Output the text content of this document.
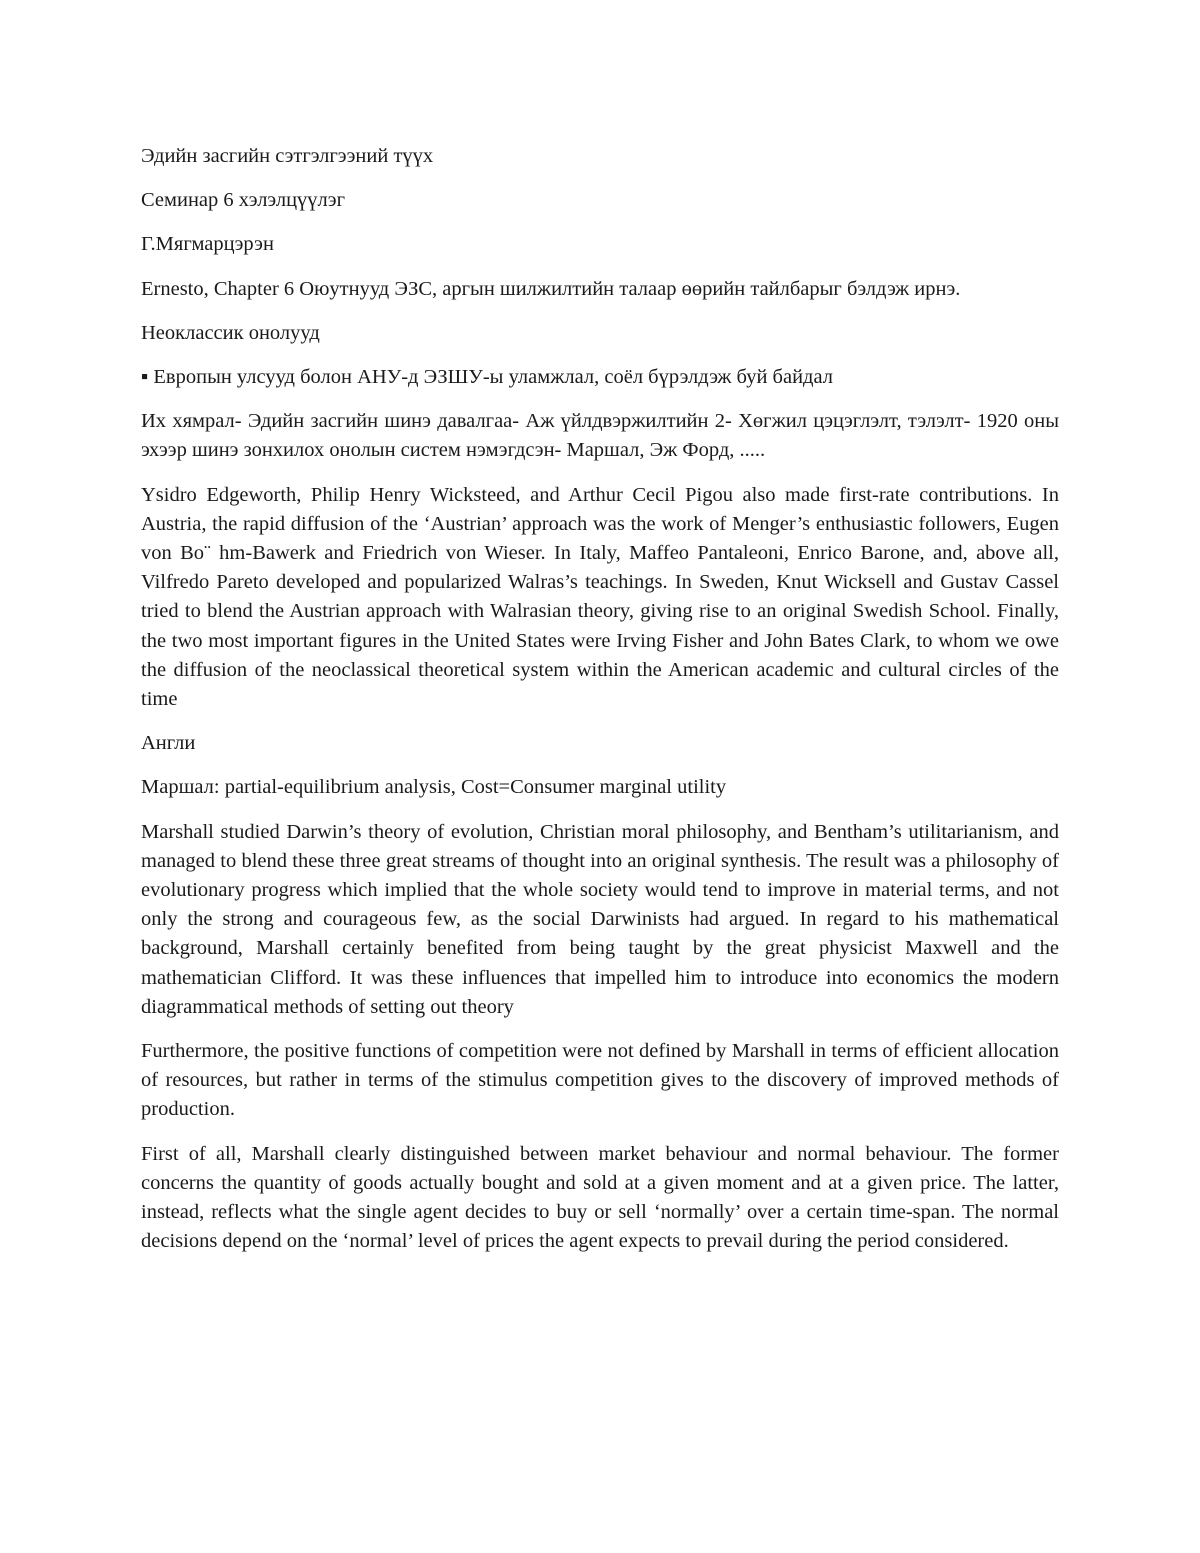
Эдийн засгийн сэтгэлгээний түүх

Семинар 6 хэлэлцүүлэг

Г.Мягмарцэрэн

Ernesto, Chapter 6 Оюутнууд ЭЗС, аргын шилжилтийн талаар өөрийн тайлбарыг бэлдэж ирнэ.

Неоклассик онолууд

▪ Европын улсууд болон АНУ-д ЭЗШУ-ы уламжлал, соёл бүрэлдэж буй байдал

Их хямрал- Эдийн засгийн шинэ давалгаа- Аж үйлдвэржилтийн 2- Хөгжил цэцэглэлт, тэлэлт- 1920 оны эхээр шинэ зонхилох онолын систем нэмэгдсэн- Маршал, Эж Форд, .....

Ysidro Edgeworth, Philip Henry Wicksteed, and Arthur Cecil Pigou also made first-rate contributions. In Austria, the rapid diffusion of the ‘Austrian’ approach was the work of Menger’s enthusiastic followers, Eugen von Bo¨ hm-Bawerk and Friedrich von Wieser. In Italy, Maffeo Pantaleoni, Enrico Barone, and, above all, Vilfredo Pareto developed and popularized Walras’s teachings. In Sweden, Knut Wicksell and Gustav Cassel tried to blend the Austrian approach with Walrasian theory, giving rise to an original Swedish School. Finally, the two most important figures in the United States were Irving Fisher and John Bates Clark, to whom we owe the diffusion of the neoclassical theoretical system within the American academic and cultural circles of the time

Англи

Маршал: partial-equilibrium analysis, Cost=Consumer marginal utility

Marshall studied Darwin’s theory of evolution, Christian moral philosophy, and Bentham’s utilitarianism, and managed to blend these three great streams of thought into an original synthesis. The result was a philosophy of evolutionary progress which implied that the whole society would tend to improve in material terms, and not only the strong and courageous few, as the social Darwinists had argued. In regard to his mathematical background, Marshall certainly benefited from being taught by the great physicist Maxwell and the mathematician Clifford. It was these influences that impelled him to introduce into economics the modern diagrammatical methods of setting out theory

Furthermore, the positive functions of competition were not defined by Marshall in terms of efficient allocation of resources, but rather in terms of the stimulus competition gives to the discovery of improved methods of production.

First of all, Marshall clearly distinguished between market behaviour and normal behaviour. The former concerns the quantity of goods actually bought and sold at a given moment and at a given price. The latter, instead, reflects what the single agent decides to buy or sell ‘normally’ over a certain time-span. The normal decisions depend on the ‘normal’ level of prices the agent expects to prevail during the period considered.
